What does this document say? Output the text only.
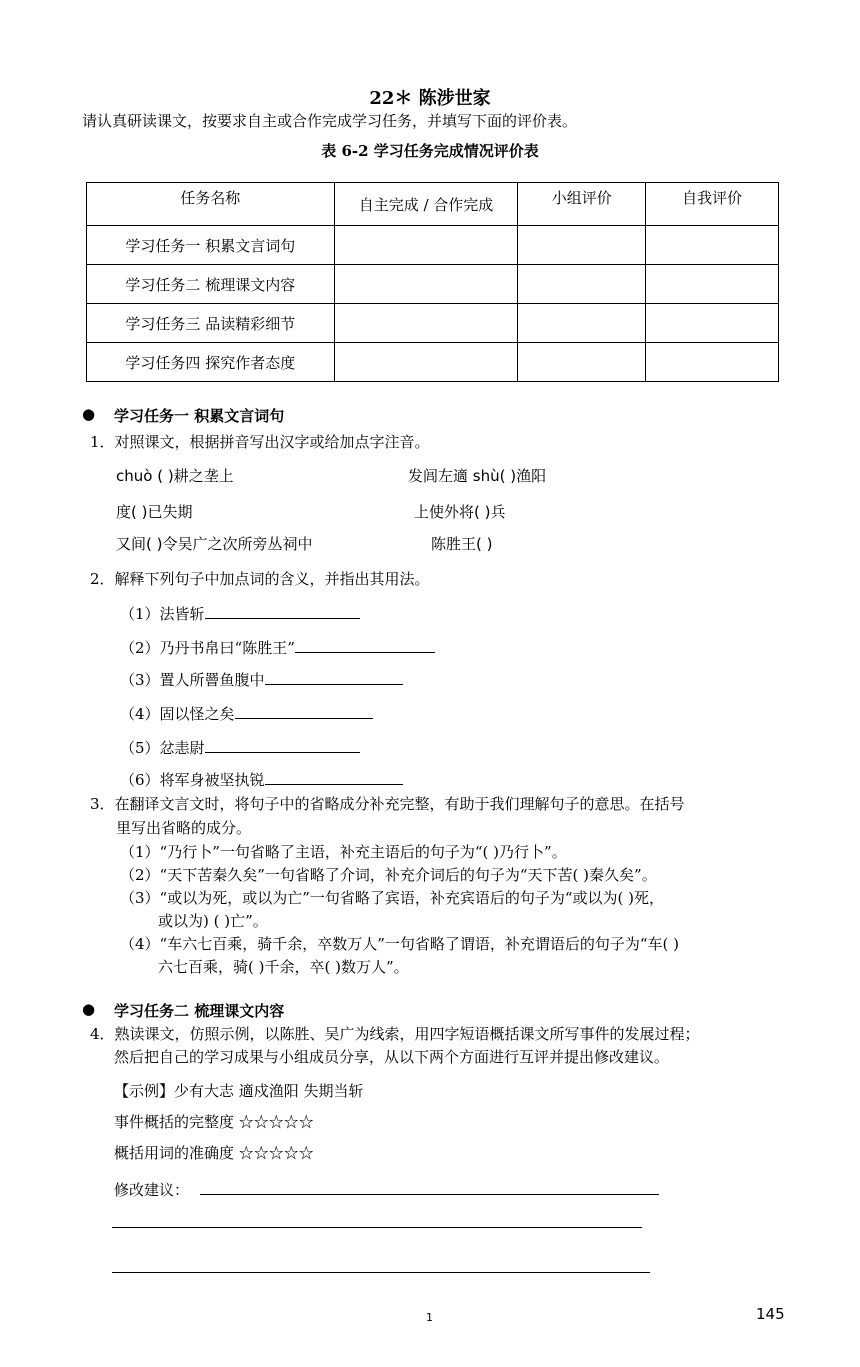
22＊ 陈涉世家
请认真研读课文，按要求自主或合作完成学习任务，并填写下面的评价表。
表 6-2 学习任务完成情况评价表
任务名称	自主完成 / 合作完成	小组评价	自我评价
学习任务一 积累文言词句			
学习任务二 梳理课文内容			
学习任务三 品读精彩细节			
学习任务四 探究作者态度			
● 学习任务一 积累文言词句
1．对照课文，根据拼音写出汉字或给加点字注音。
chuò ( )耕之垄上	发闾左適 shù( )渔阳
度( )已失期	上使外将( )兵
又间( )令吴广之次所旁丛祠中	陈胜王( )
2．解释下列句子中加点词的含义，并指出其用法。
（1）法皆斩
（2）乃丹书帛曰“陈胜王”
（3）置人所罾鱼腹中
（4）固以怪之矣
（5）忿恚尉
（6）将军身被坚执锐
3．在翻译文言文时，将句子中的省略成分补充完整，有助于我们理解句子的意思。在括号
里写出省略的成分。
（1）“乃行卜”一句省略了主语，补充主语后的句子为“( )乃行卜”。
（2）“天下苦秦久矣”一句省略了介词，补充介词后的句子为“天下苦( )秦久矣”。
（3）“或以为死，或以为亡”一句省略了宾语，补充宾语后的句子为“或以为( )死，
或以为) ( )亡”。
（4）“车六七百乘，骑千余，卒数万人”一句省略了谓语，补充谓语后的句子为“车( )
六七百乘，骑( )千余，卒( )数万人”。
● 学习任务二 梳理课文内容
4．熟读课文，仿照示例，以陈胜、吴广为线索，用四字短语概括课文所写事件的发展过程；
然后把自己的学习成果与小组成员分享，从以下两个方面进行互评并提出修改建议。
【示例】少有大志 適戍渔阳 失期当斩
事件概括的完整度 ☆☆☆☆☆
概括用词的准确度 ☆☆☆☆☆
修改建议：
1	145
